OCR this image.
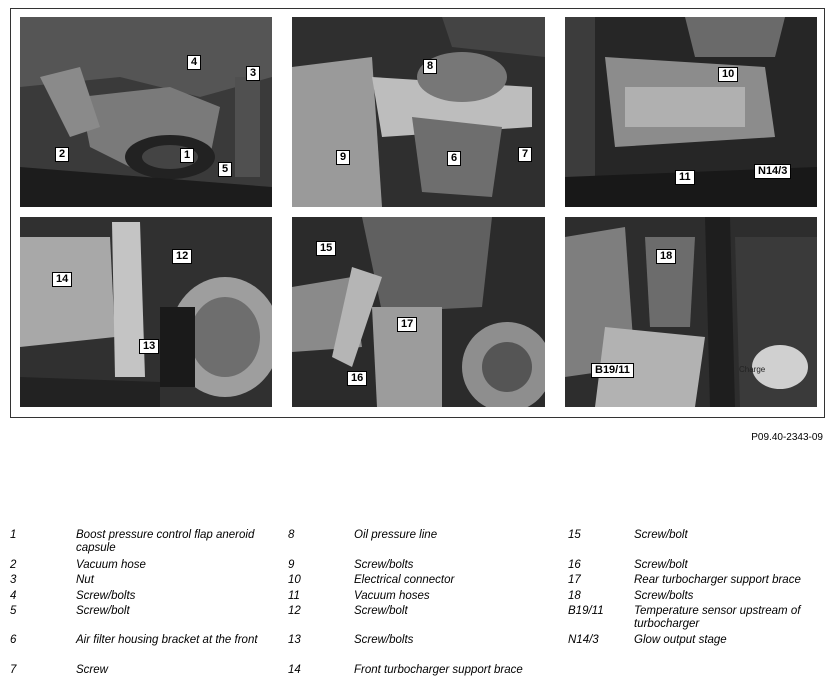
4
3
2	1
5
8
9	6	7
10
11	N14/3
12
14
13
15
17
16
18
B19/11	Charge
P09.40-2343-09
1	Boost pressure control flap aneroid capsule
2	Vacuum hose
3	Nut
4	Screw/bolts
5	Screw/bolt
6	Air filter housing bracket at the front
7	Screw
8	Oil pressure line
9	Screw/bolts
10	Electrical connector
11	Vacuum hoses
12	Screw/bolt
13	Screw/bolts
14	Front turbocharger support brace
15	Screw/bolt
16	Screw/bolt
17	Rear turbocharger support brace
18	Screw/bolts
B19/11	Temperature sensor upstream of turbocharger
N14/3	Glow output stage
